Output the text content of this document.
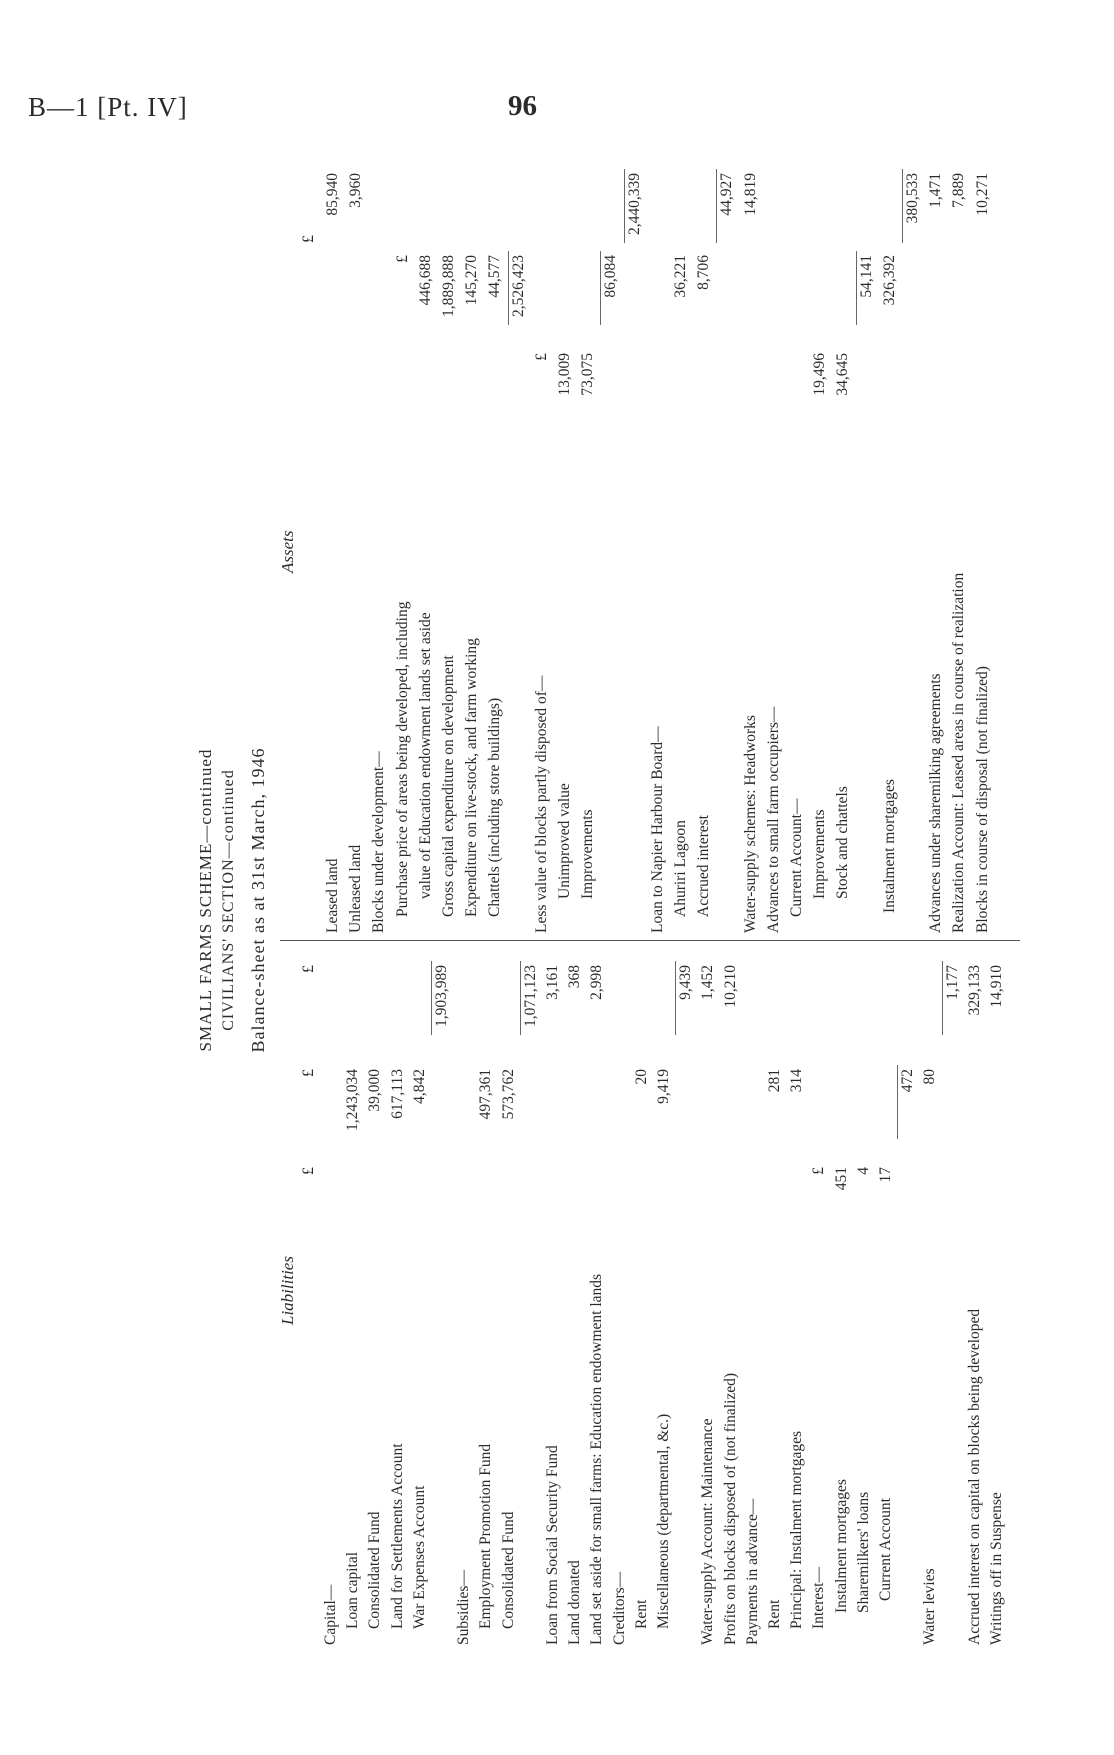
B—1 [Pt. IV]	96
SMALL FARMS SCHEME—continued CIVILIANS' SECTION—continued Balance-sheet as at 31st March, 1946
Liabilities
£
£
£
Capital— Loan capital
1,243,034
Consolidated Fund
39,000
Land for Settlements Account
617,113
War Expenses Account
4,842
1,903,989
Subsidies— Employment Promotion Fund
497,361
Consolidated Fund
573,762
1,071,123
Loan from Social Security Fund
3,161
Land donated
368
Land set aside for small farms: Education endowment lands
2,998
Creditors— Rent
20
Miscellaneous (departmental, &c.)
9,419
9,439
Water-supply Account: Maintenance
1,452
Profits on blocks disposed of (not finalized)
10,210
Payments in advance— Rent
281
Principal: Instalment mortgages
314
Interest—
£
Instalment mortgages
451
Sharemilkers' loans
4
Current Account
17
472
Water levies
80
1,177
Accrued interest on capital on blocks being developed
329,133
Writings off in Suspense
14,910
Assets
£
Leased land
85,940
Unleased land
3,960
Blocks under development— Purchase price of areas being developed, including
£
value of Education endowment lands set aside
446,688
Gross capital expenditure on development
1,889,888
Expenditure on live-stock, and farm working
145,270
Chattels (including store buildings)
44,577 2,526,423
Less value of blocks partly disposed of—
£
Unimproved value
13,009
Improvements
73,075
86,084
2,440,339
Loan to Napier Harbour Board— Ahuriri Lagoon
36,221
Accrued interest
8,706
44,927
Water-supply schemes: Headworks
14,819
Advances to small farm occupiers— Current Account— Improvements
19,496
Stock and chattels
34,645
54,141
Instalment mortgages
326,392
380,533
Advances under sharemilking agreements
1,471
Realization Account: Leased areas in course of realization
7,889
Blocks in course of disposal (not finalized)
10,271
